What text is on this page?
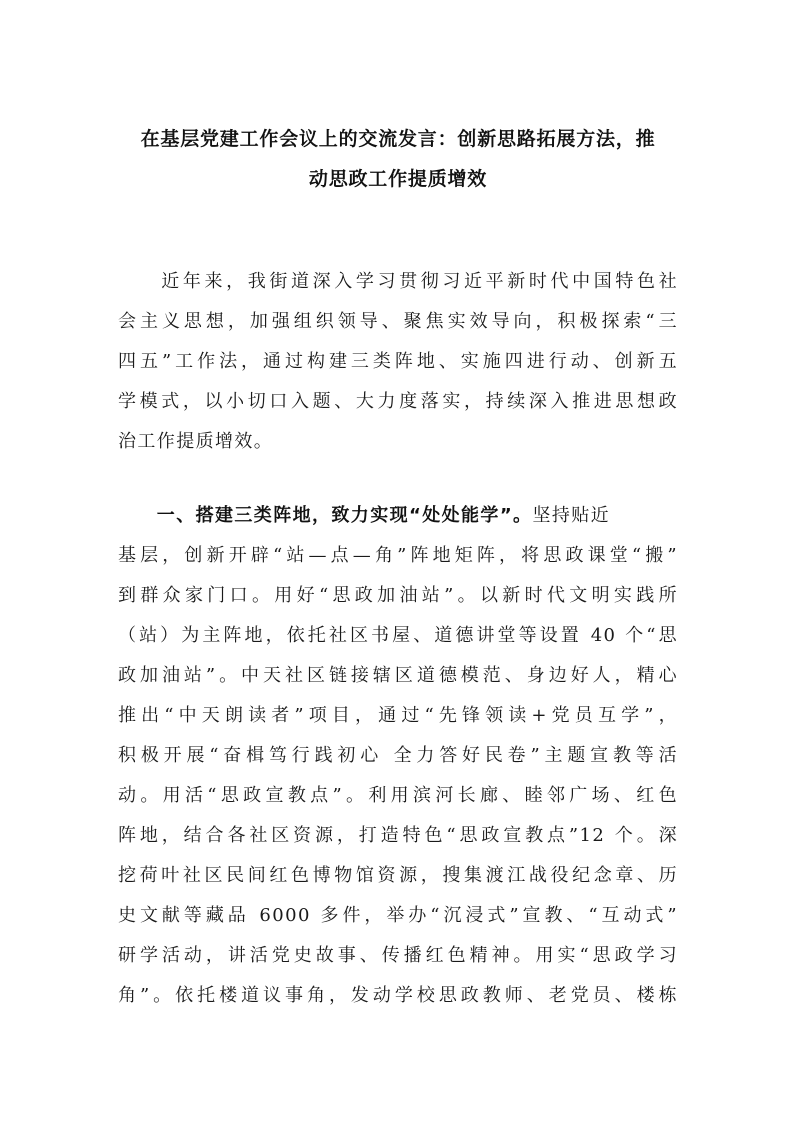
在基层党建工作会议上的交流发言：创新思路拓展方法，推
动思政工作提质增效
　　近年来，我街道深入学习贯彻习近平新时代中国特色社
会主义思想，加强组织领导、聚焦实效导向，积极探索“三
四五”工作法，通过构建三类阵地、实施四进行动、创新五
学模式，以小切口入题、大力度落实，持续深入推进思想政
治工作提质增效。
　　一、搭建三类阵地，致力实现“处处能学”。坚持贴近
基层，创新开辟“站—点—角”阵地矩阵，将思政课堂“搬”
到群众家门口。用好“思政加油站”。以新时代文明实践所
（站）为主阵地，依托社区书屋、道德讲堂等设置 40 个“思
政加油站”。中天社区链接辖区道德模范、身边好人，精心
推出“中天朗读者”项目，通过“先锋领读+党员互学”，
积极开展“奋楫笃行践初心 全力答好民卷”主题宣教等活
动。用活“思政宣教点”。利用滨河长廊、睦邻广场、红色
阵地，结合各社区资源，打造特色“思政宣教点”12 个。深
挖荷叶社区民间红色博物馆资源，搜集渡江战役纪念章、历
史文献等藏品 6000 多件，举办“沉浸式”宣教、“互动式”
研学活动，讲活党史故事、传播红色精神。用实“思政学习
角”。依托楼道议事角，发动学校思政教师、老党员、楼栋
